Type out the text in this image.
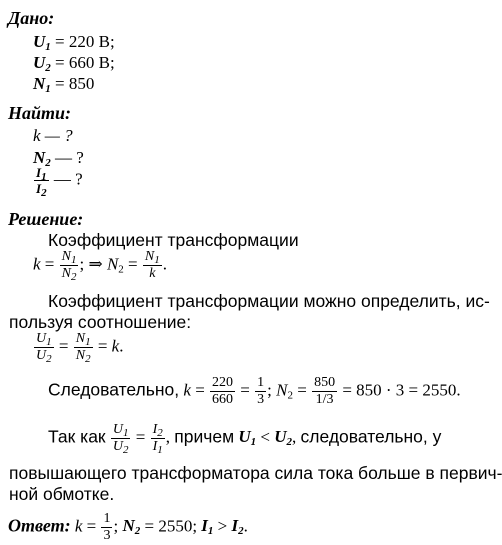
Дано:
$U_1 = 220$ В;
$U_2 = 660$ В;
$N_1 = 850$
Найти:
k — ?
$N_2$ — ?
$\frac{I_1}{I_2}$ — ?
Решение:
Коэффициент трансформации
$k = \frac{N_1}{N_2}$ ; ⇒ $N_2 = \frac{N_1}{k}$ .
Коэффициент трансформации можно определить, ис-
пользуя соотношение:
$\frac{U_1}{U_2} = \frac{N_1}{N_2} = k$.
Следовательно, $k = \frac{220}{660} = \frac{1}{3}$ ; $N_2 = \frac{850}{1/3} = 850 \cdot 3 = 2550$.
Так как $\frac{U_1}{U_2} = \frac{I_2}{I_1}$ , причем $U_1 < U_2$, следовательно, у
повышающего трансформатора сила тока больше в первич-
ной обмотке.
Ответ: $k = \frac{1}{3}$ ; $N_2 = 2550$; $I_1 > I_2$.
